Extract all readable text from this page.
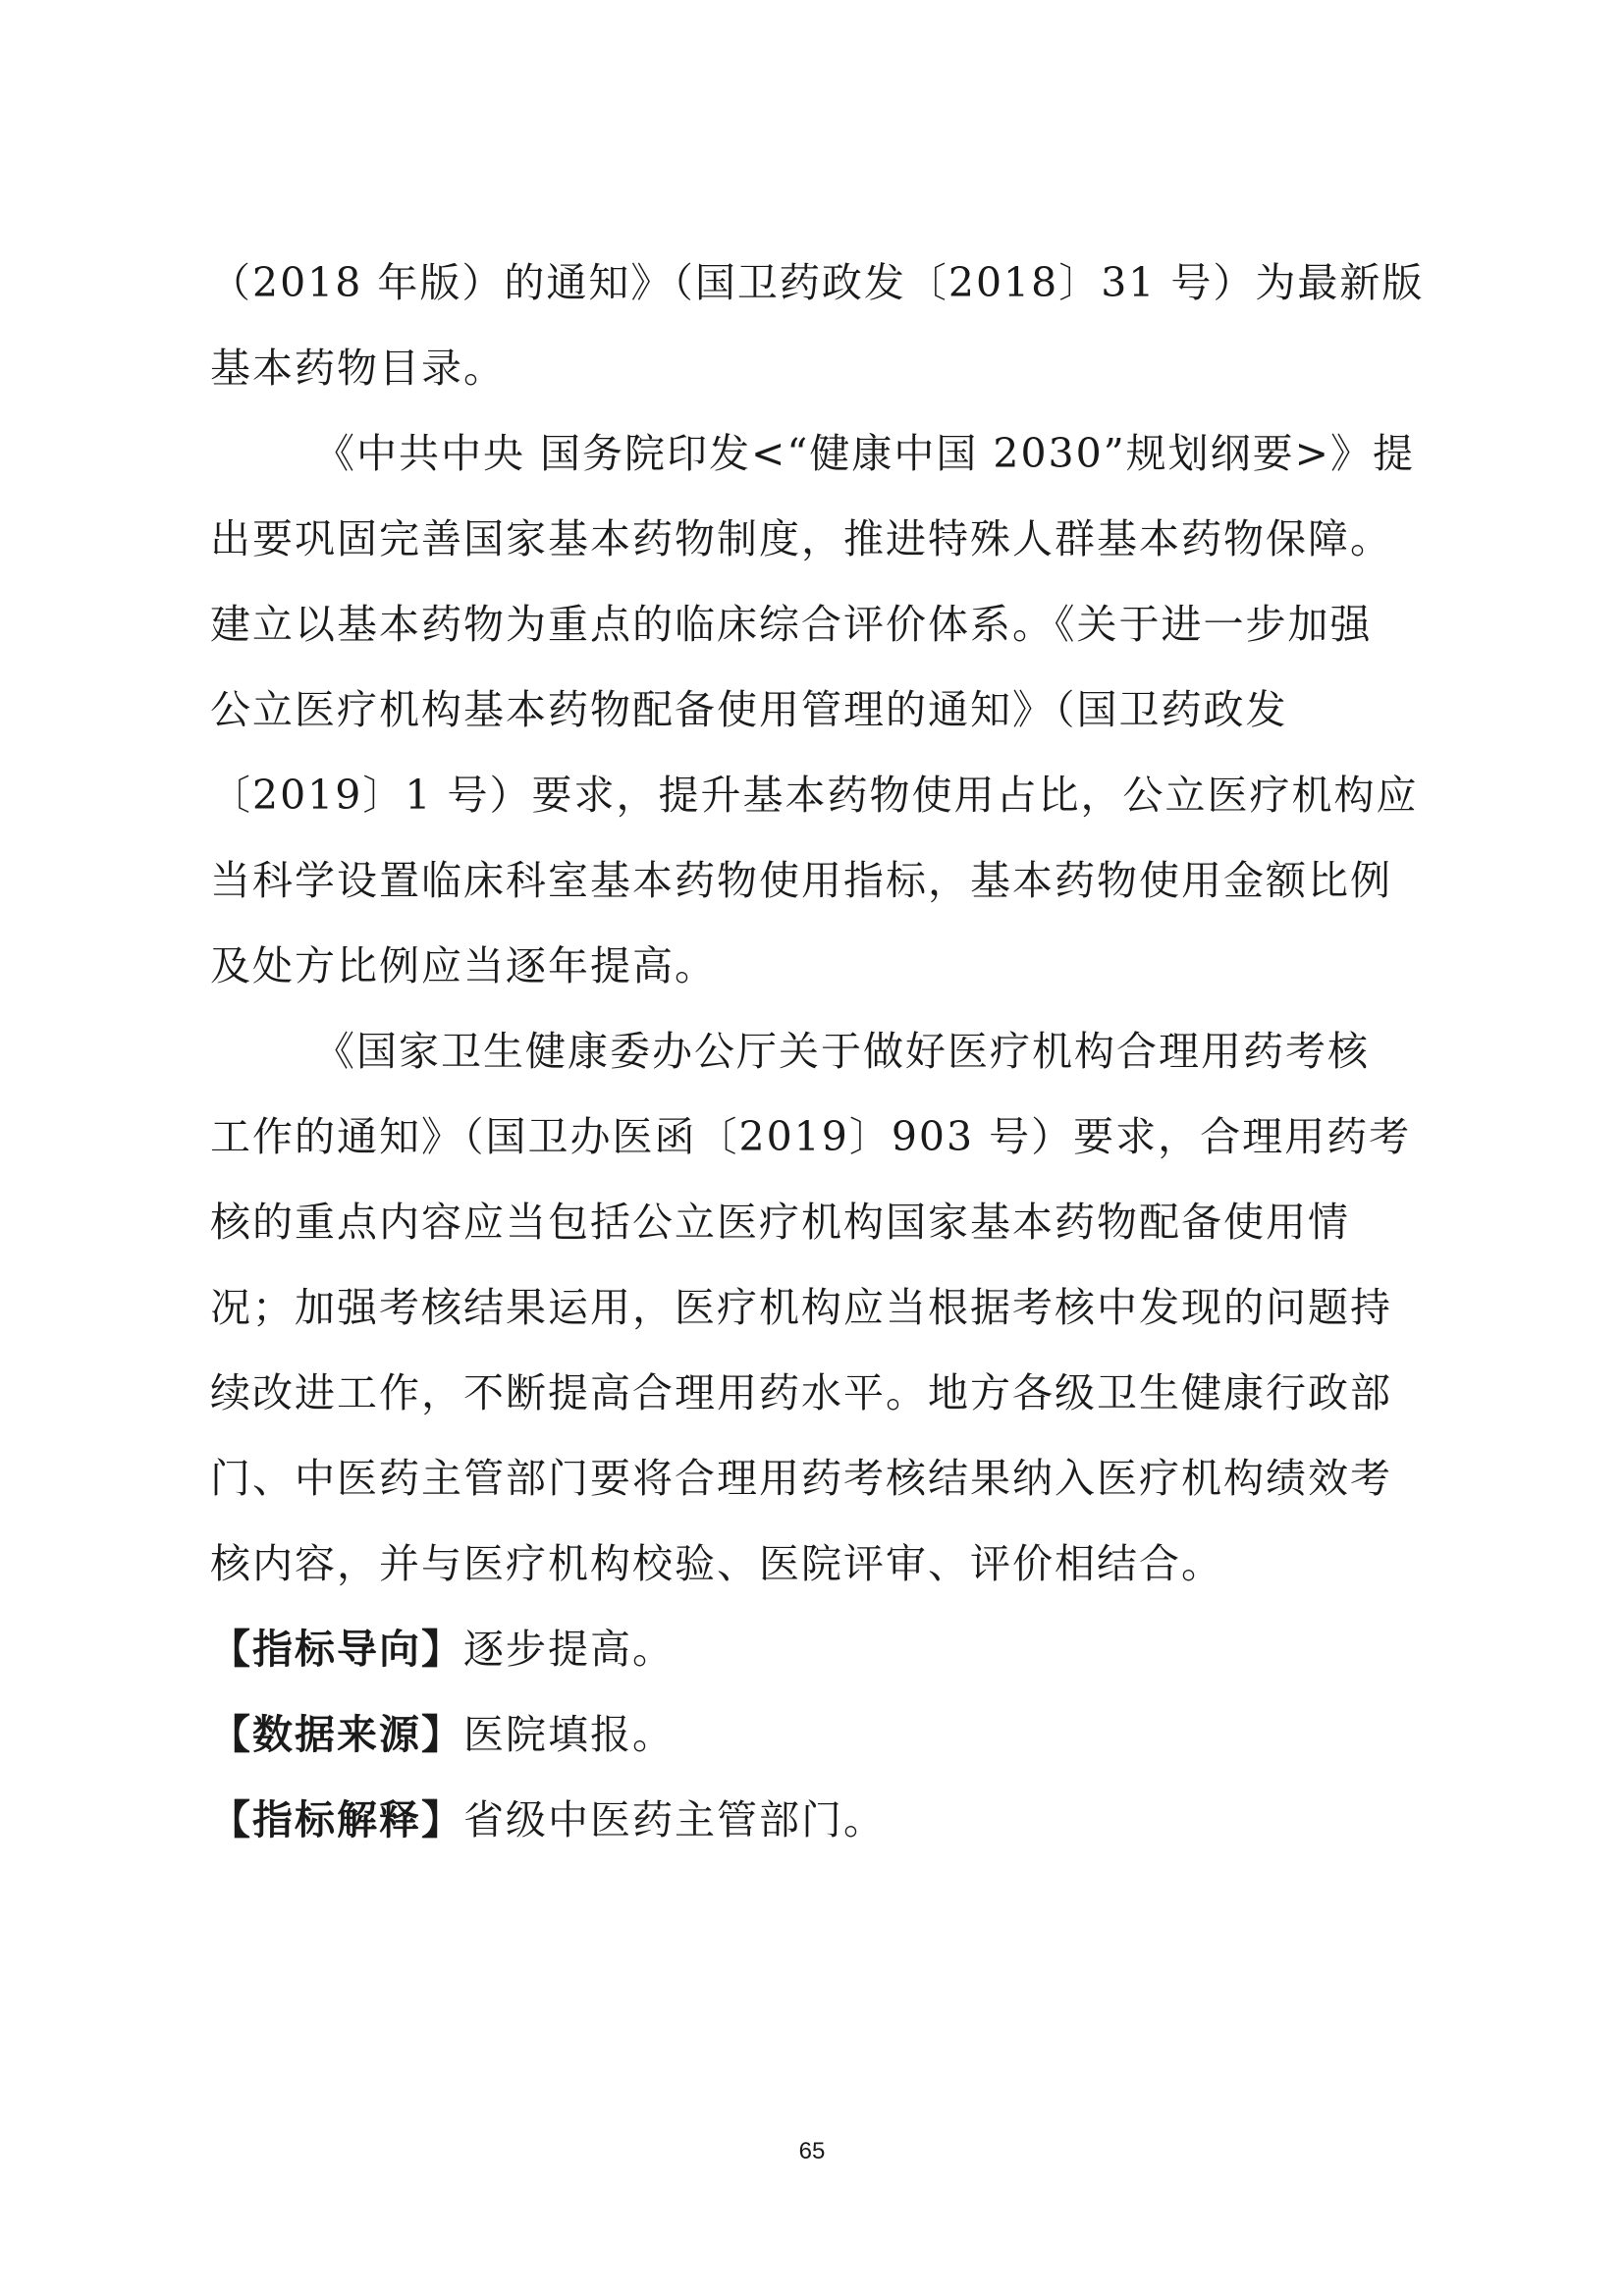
（2018 年版）的通知》（国卫药政发〔2018〕31 号）为最新版
基本药物目录。
《中共中央 国务院印发<“健康中国 2030”规划纲要>》提
出要巩固完善国家基本药物制度，推进特殊人群基本药物保障。
建立以基本药物为重点的临床综合评价体系。《关于进一步加强
公立医疗机构基本药物配备使用管理的通知》（国卫药政发
〔2019〕1 号）要求，提升基本药物使用占比，公立医疗机构应
当科学设置临床科室基本药物使用指标，基本药物使用金额比例
及处方比例应当逐年提高。
《国家卫生健康委办公厅关于做好医疗机构合理用药考核
工作的通知》（国卫办医函〔2019〕903 号）要求，合理用药考
核的重点内容应当包括公立医疗机构国家基本药物配备使用情
况；加强考核结果运用，医疗机构应当根据考核中发现的问题持
续改进工作，不断提高合理用药水平。地方各级卫生健康行政部
门、中医药主管部门要将合理用药考核结果纳入医疗机构绩效考
核内容，并与医疗机构校验、医院评审、评价相结合。
【指标导向】逐步提高。
【数据来源】医院填报。
【指标解释】省级中医药主管部门。
65
